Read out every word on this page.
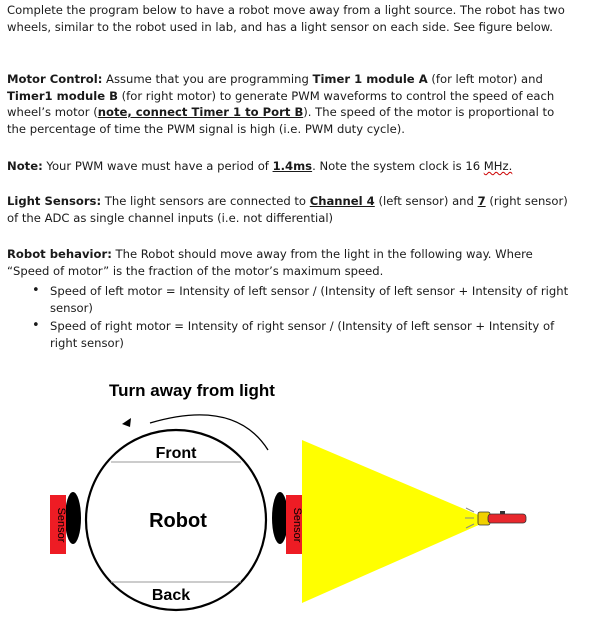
Complete the program below to have a robot move away from a light source. The robot has two wheels, similar to the robot used in lab, and has a light sensor on each side. See figure below.

Motor Control: Assume that you are programming Timer 1 module A (for left motor) and Timer1 module B (for right motor) to generate PWM waveforms to control the speed of each wheel’s motor (note, connect Timer 1 to Port B). The speed of the motor is proportional to the percentage of time the PWM signal is high (i.e. PWM duty cycle).

Note: Your PWM wave must have a period of 1.4ms. Note the system clock is 16 MHz.

Light Sensors: The light sensors are connected to Channel 4 (left sensor) and 7 (right sensor) of the ADC as single channel inputs (i.e. not differential)

Robot behavior: The Robot should move away from the light in the following way. Where “Speed of motor” is the fraction of the motor’s maximum speed.

• Speed of left motor = Intensity of left sensor / (Intensity of left sensor + Intensity of right sensor)
• Speed of right motor = Intensity of right sensor / (Intensity of left sensor + Intensity of right sensor)
Turn away from light
Front
Robot
Back
Sensor	Sensor
